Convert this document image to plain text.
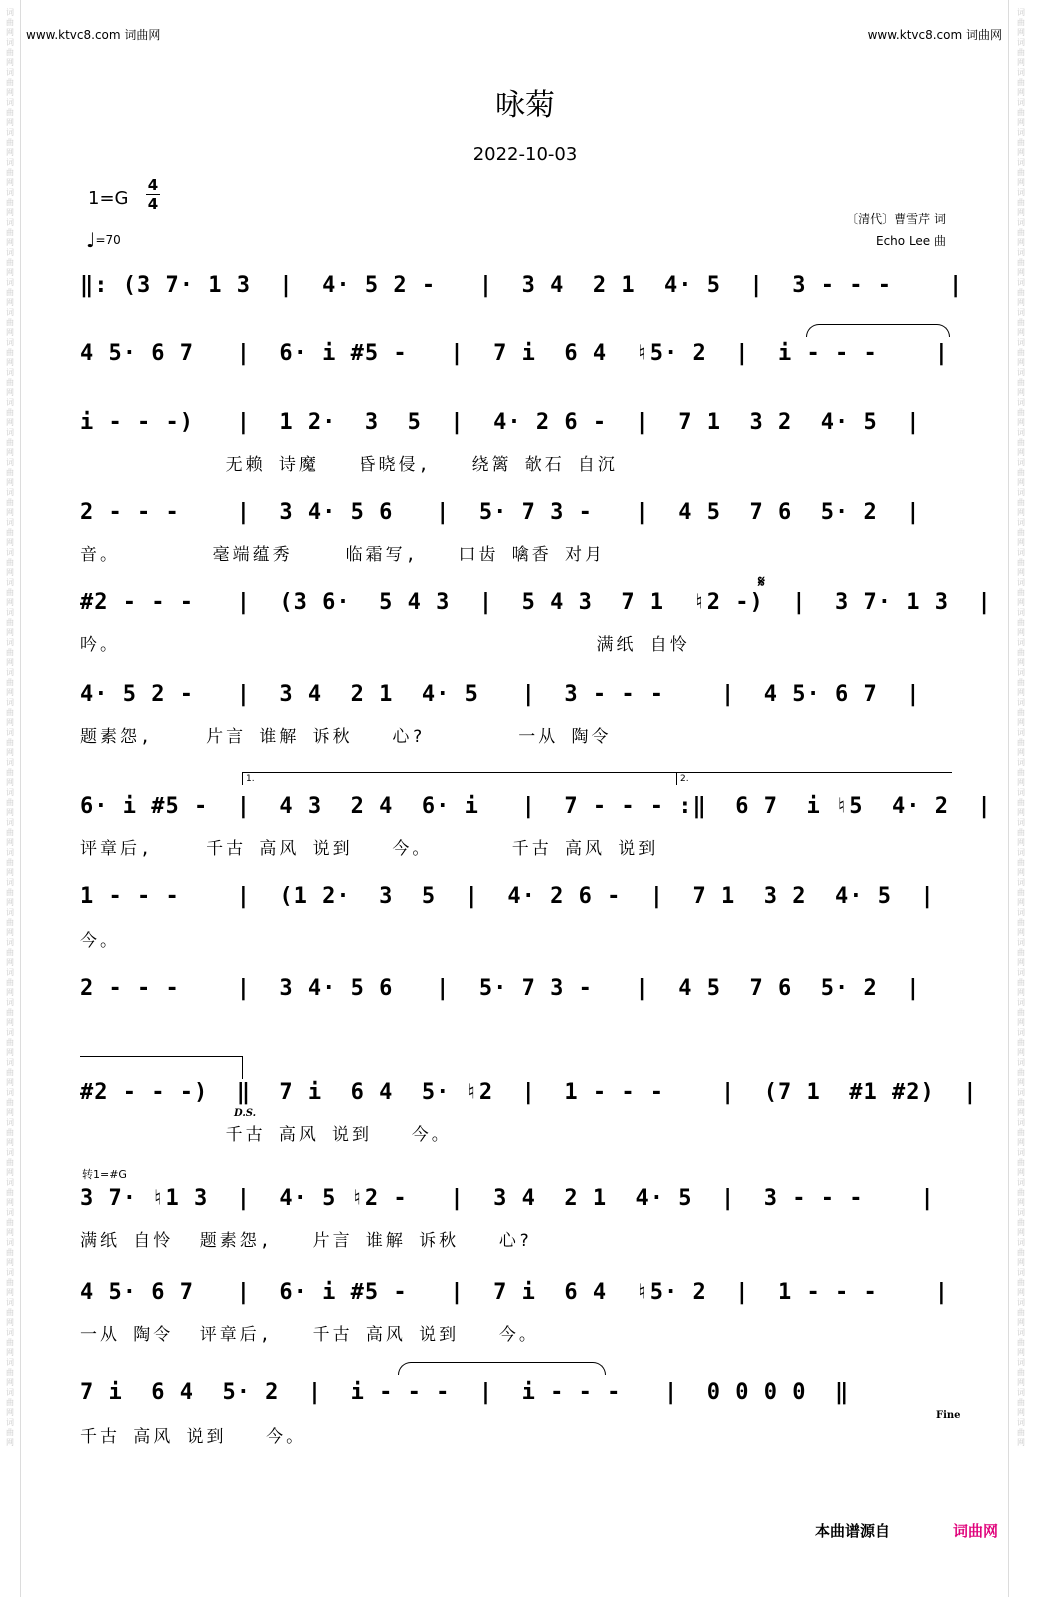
词曲网词曲网词曲网词曲网词曲网词曲网词曲网词曲网词曲网词曲网词曲网词曲网词曲网词曲网词曲网词曲网词曲网词曲网词曲网词曲网词曲网词曲网词曲网词曲网词曲网词曲网词曲网词曲网词曲网词曲网词曲网词曲网词曲网词曲网词曲网词曲网词曲网词曲网词曲网词曲网词曲网词曲网词曲网词曲网词曲网词曲网词曲网词曲网
词曲网词曲网词曲网词曲网词曲网词曲网词曲网词曲网词曲网词曲网词曲网词曲网词曲网词曲网词曲网词曲网词曲网词曲网词曲网词曲网词曲网词曲网词曲网词曲网词曲网词曲网词曲网词曲网词曲网词曲网词曲网词曲网词曲网词曲网词曲网词曲网词曲网词曲网词曲网词曲网词曲网词曲网词曲网词曲网词曲网词曲网词曲网词曲网
www.ktvc8.com 词曲网	www.ktvc8.com 词曲网
咏菊
2022-10-03
1=G
4
4
♩=70
〔清代〕曹雪芹 词
Echo Lee 曲
‖: (3 7· 1 3  |  4· 5 2 -   |  3 4  2 1  4· 5  |  3 - - -    |
4 5· 6 7   |  6· i #5 -   |  7 i  6 4  ♮5· 2  |  i - - -    |
i - - -)   |  1 2·  3  5  |  4· 2 6 -  |  7 1  3 2  4· 5  |
无赖 诗魔   昏晓侵,   绕篱 欹石 自沉
2 - - -    |  3 4· 5 6   |  5· 7 3 -   |  4 5  7 6  5· 2  |
音。       毫端蕴秀    临霜写,   口齿 噙香 对月
𝄋
#2 - - -   |  (3 6·  5 4 3  |  5 4 3  7 1  ♮2 -)  |  3 7· 1 3  |
吟。                                    满纸 自怜
4· 5 2 -   |  3 4  2 1  4· 5   |  3 - - -    |  4 5· 6 7  |
题素怨,    片言 谁解 诉秋   心?       一从 陶令
1.	2.
6· i #5 -  |  4 3  2 4  6· i   |  7 - - - :‖  6 7  i ♮5  4· 2  |
评章后,    千古 高风 说到   今。      千古 高风 说到
1 - - -    |  (1 2·  3  5  |  4· 2 6 -  |  7 1  3 2  4· 5  |
今。
2 - - -    |  3 4· 5 6   |  5· 7 3 -   |  4 5  7 6  5· 2  |
#2 - - -)  ‖  7 i  6 4  5· ♮2  |  1 - - -    |  (7 1  #1 #2)  |
D.S.
千古 高风 说到   今。
转1=#G
3 7· ♮1 3  |  4· 5 ♮2 -   |  3 4  2 1  4· 5  |  3 - - -    |
满纸 自怜  题素怨,   片言 谁解 诉秋   心?
4 5· 6 7   |  6· i #5 -   |  7 i  6 4  ♮5· 2  |  1 - - -    |
一从 陶令  评章后,   千古 高风 说到   今。
7 i  6 4  5· 2  |  i - - -  |  i - - -   |  0 0 0 0  ‖
Fine
千古 高风 说到   今。
本曲谱源自	词曲网
